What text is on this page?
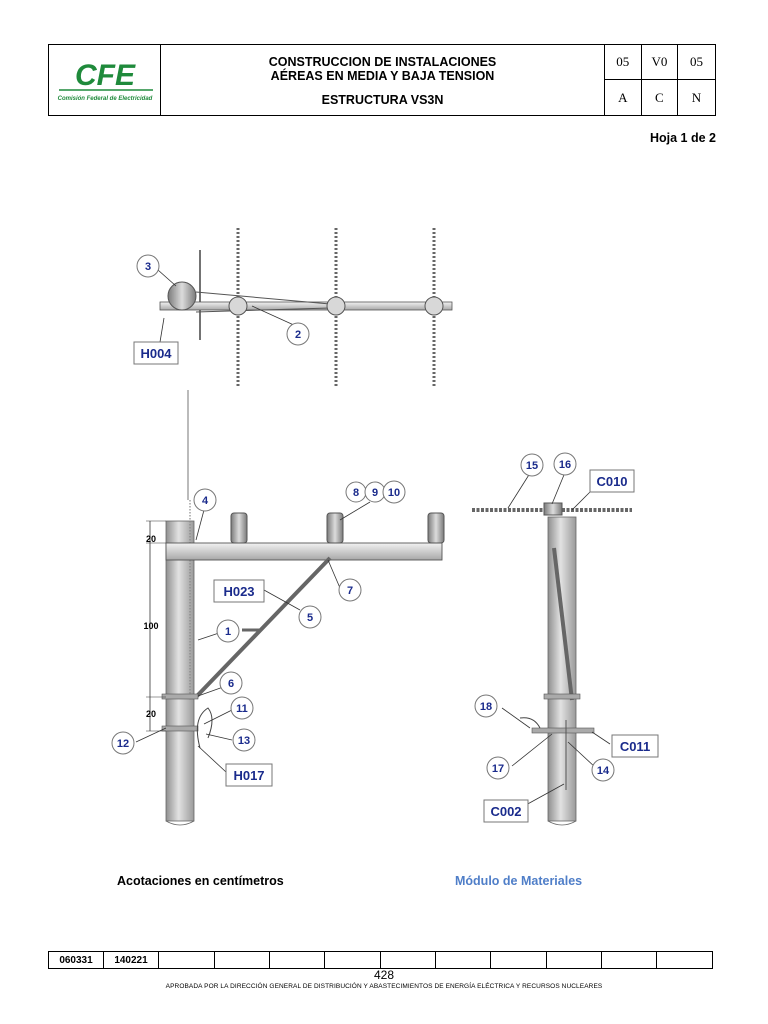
CFE
Comisión Federal de Electricidad
CONSTRUCCION DE INSTALACIONES
AÉREAS EN MEDIA Y BAJA TENSION
ESTRUCTURA VS3N
05	V0	05
A	C	N
Hoja 1 de 2
20
100
20
3
2
4
8 9 10
7
5
1
6
11
12	13
15 16
18
17	14
H004
H023
H017
C010
C011
C002
Acotaciones en centímetros	Módulo de Materiales
060331	140221
428
APROBADA POR LA DIRECCIÓN GENERAL DE DISTRIBUCIÓN Y ABASTECIMIENTOS DE ENERGÍA ELÉCTRICA Y RECURSOS NUCLEARES
